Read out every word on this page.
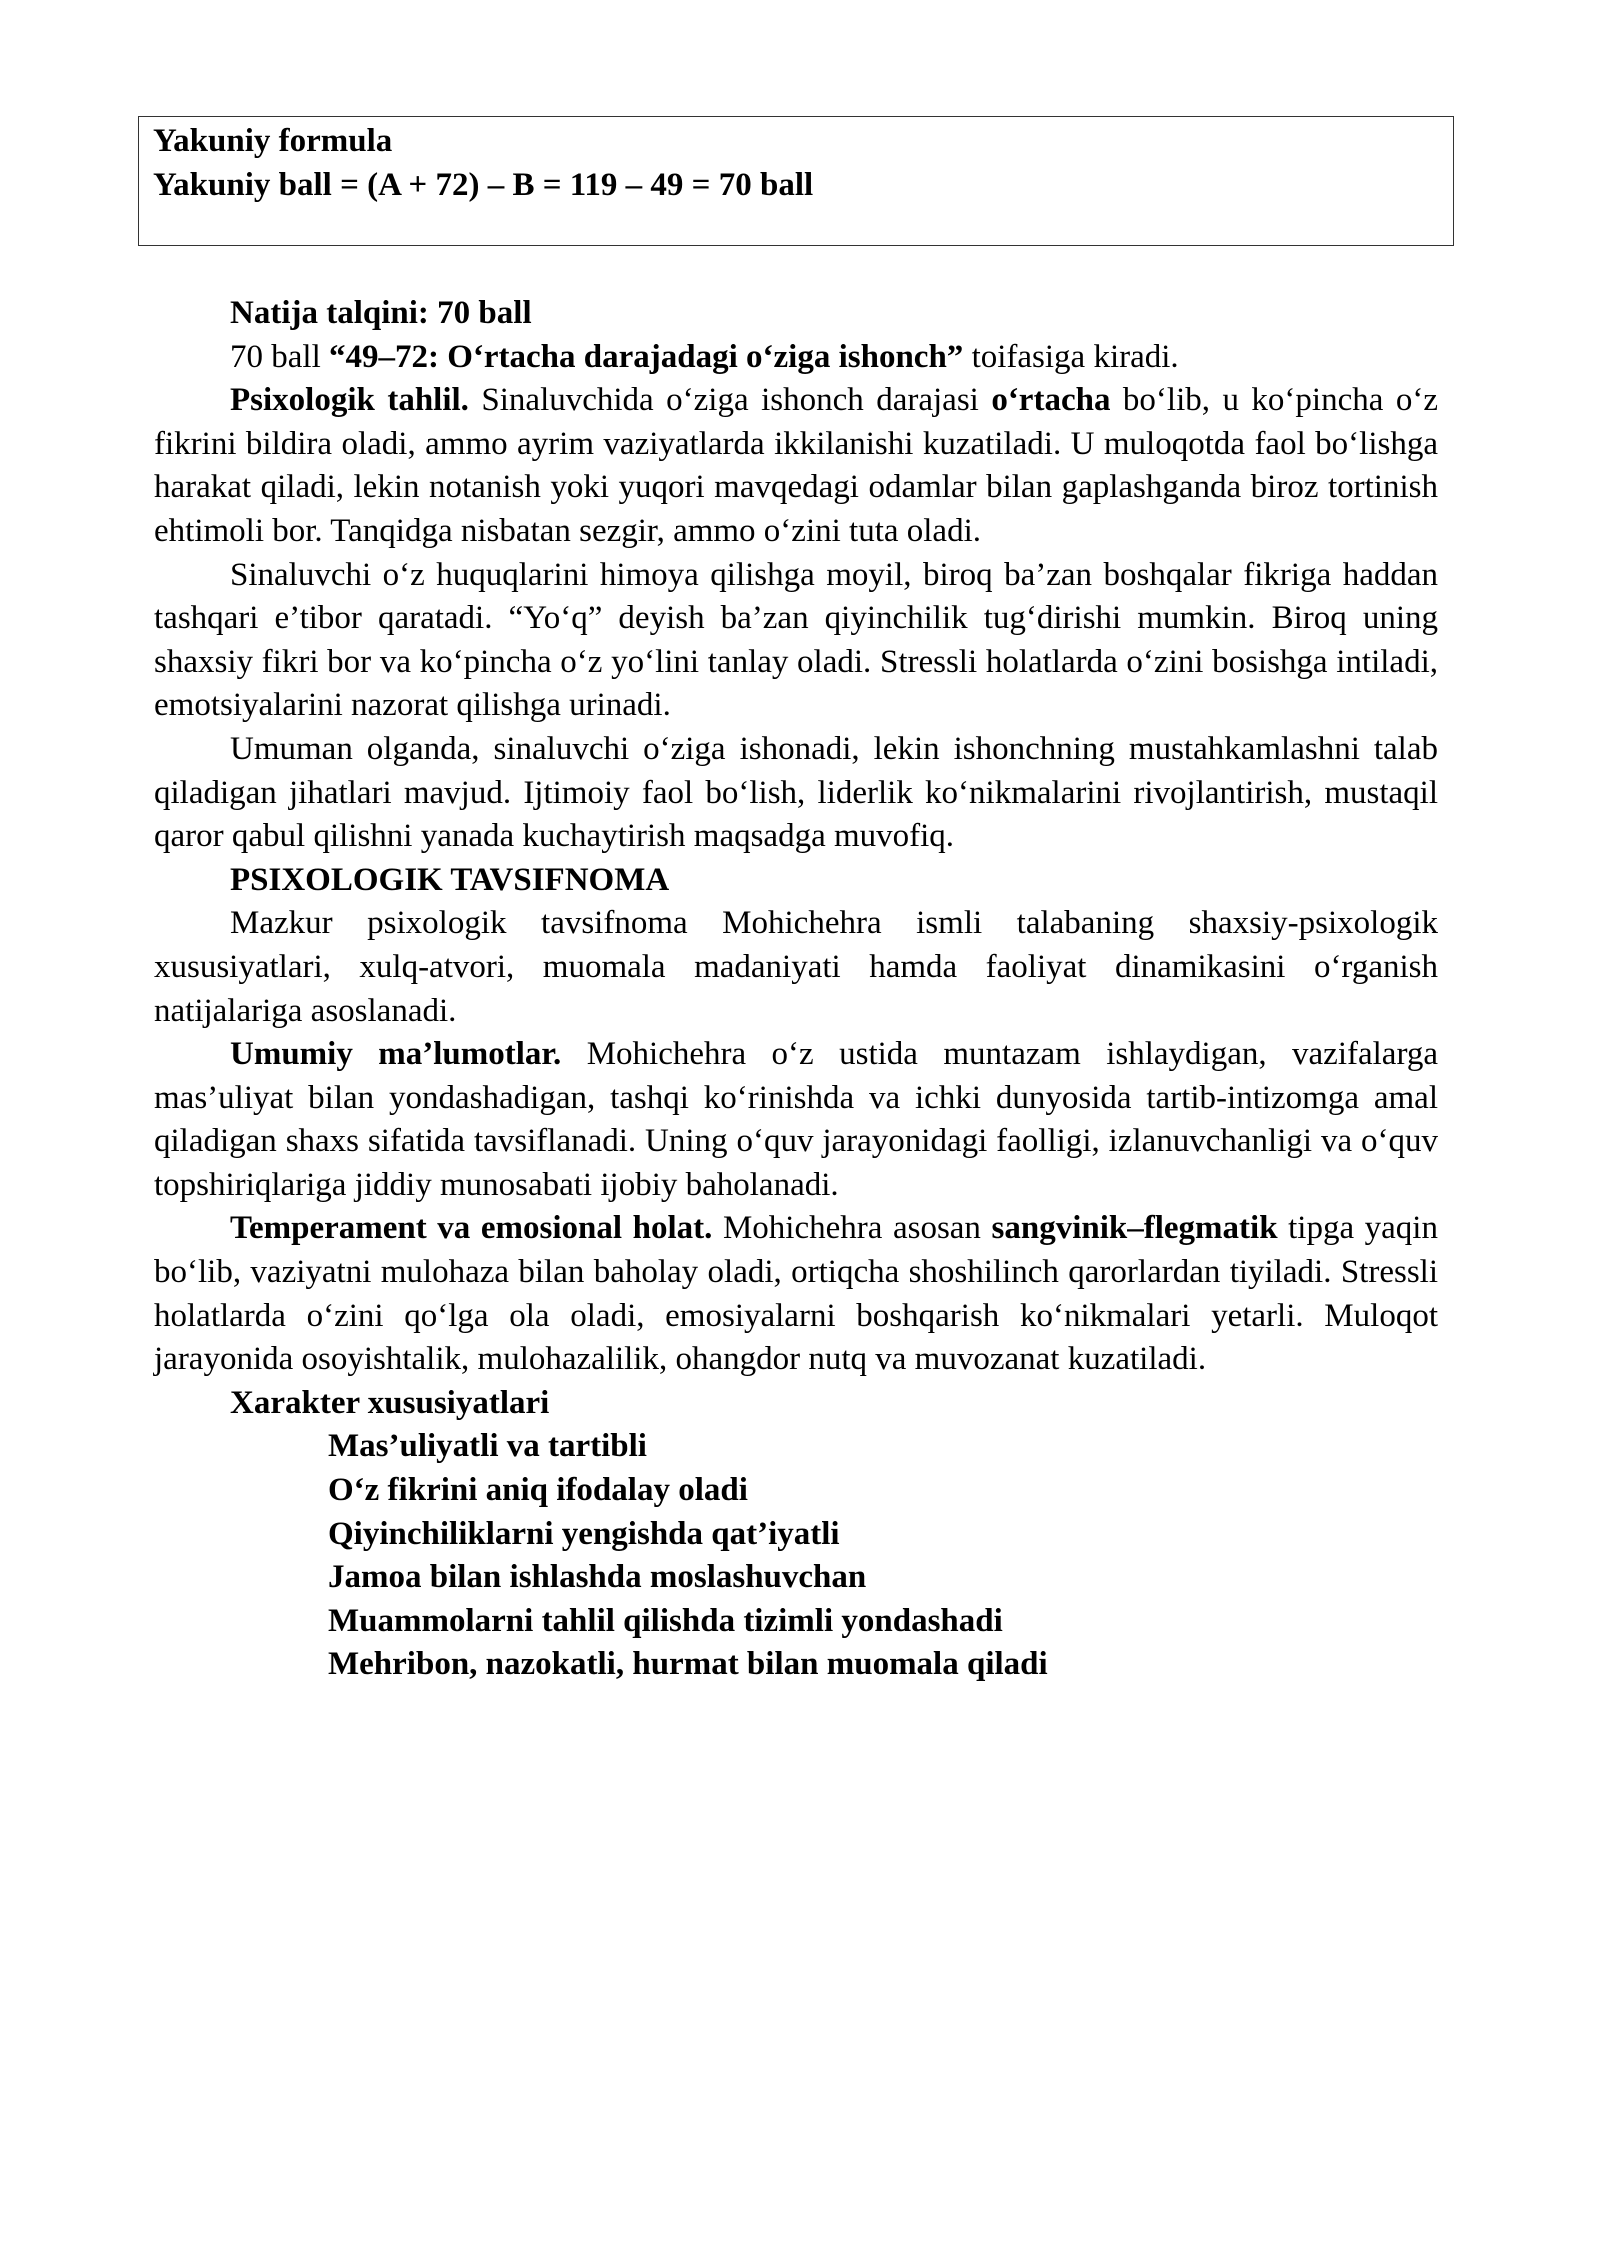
Yakuniy formula
Yakuniy ball = (A + 72) – B = 119 – 49 = 70 ball

Natija talqini: 70 ball

70 ball “49–72: O‘rtacha darajadagi o‘ziga ishonch” toifasiga kiradi.

Psixologik tahlil. Sinaluvchida o‘ziga ishonch darajasi o‘rtacha bo‘lib, u ko‘pincha o‘z fikrini bildira oladi, ammo ayrim vaziyatlarda ikkilanishi kuzatiladi. U muloqotda faol bo‘lishga harakat qiladi, lekin notanish yoki yuqori mavqedagi odamlar bilan gaplashganda biroz tortinish ehtimoli bor. Tanqidga nisbatan sezgir, ammo o‘zini tuta oladi.

Sinaluvchi o‘z huquqlarini himoya qilishga moyil, biroq ba’zan boshqalar fikriga haddan tashqari e’tibor qaratadi. “Yo‘q” deyish ba’zan qiyinchilik tug‘dirishi mumkin. Biroq uning shaxsiy fikri bor va ko‘pincha o‘z yo‘lini tanlay oladi. Stressli holatlarda o‘zini bosishga intiladi, emotsiyalarini nazorat qilishga urinadi.

Umuman olganda, sinaluvchi o‘ziga ishonadi, lekin ishonchning mustahkamlashni talab qiladigan jihatlari mavjud. Ijtimoiy faol bo‘lish, liderlik ko‘nikmalarini rivojlantirish, mustaqil qaror qabul qilishni yanada kuchaytirish maqsadga muvofiq.

PSIXOLOGIK TAVSIFNOMA

Mazkur psixologik tavsifnoma Mohichehra ismli talabaning shaxsiy-psixologik xususiyatlari, xulq-atvori, muomala madaniyati hamda faoliyat dinamikasini o‘rganish natijalariga asoslanadi.

Umumiy ma’lumotlar. Mohichehra o‘z ustida muntazam ishlaydigan, vazifalarga mas’uliyat bilan yondashadigan, tashqi ko‘rinishda va ichki dunyosida tartib-intizomga amal qiladigan shaxs sifatida tavsiflanadi. Uning o‘quv jarayonidagi faolligi, izlanuvchanligi va o‘quv topshiriqlariga jiddiy munosabati ijobiy baholanadi.

Temperament va emosional holat. Mohichehra asosan sangvinik–flegmatik tipga yaqin bo‘lib, vaziyatni mulohaza bilan baholay oladi, ortiqcha shoshilinch qarorlardan tiyiladi. Stressli holatlarda o‘zini qo‘lga ola oladi, emosiyalarni boshqarish ko‘nikmalari yetarli. Muloqot jarayonida osoyishtalik, mulohazalilik, ohangdor nutq va muvozanat kuzatiladi.

Xarakter xususiyatlari

Mas’uliyatli va tartibli
O‘z fikrini aniq ifodalay oladi
Qiyinchiliklarni yengishda qat’iyatli
Jamoa bilan ishlashda moslashuvchan
Muammolarni tahlil qilishda tizimli yondashadi
Mehribon, nazokatli, hurmat bilan muomala qiladi
